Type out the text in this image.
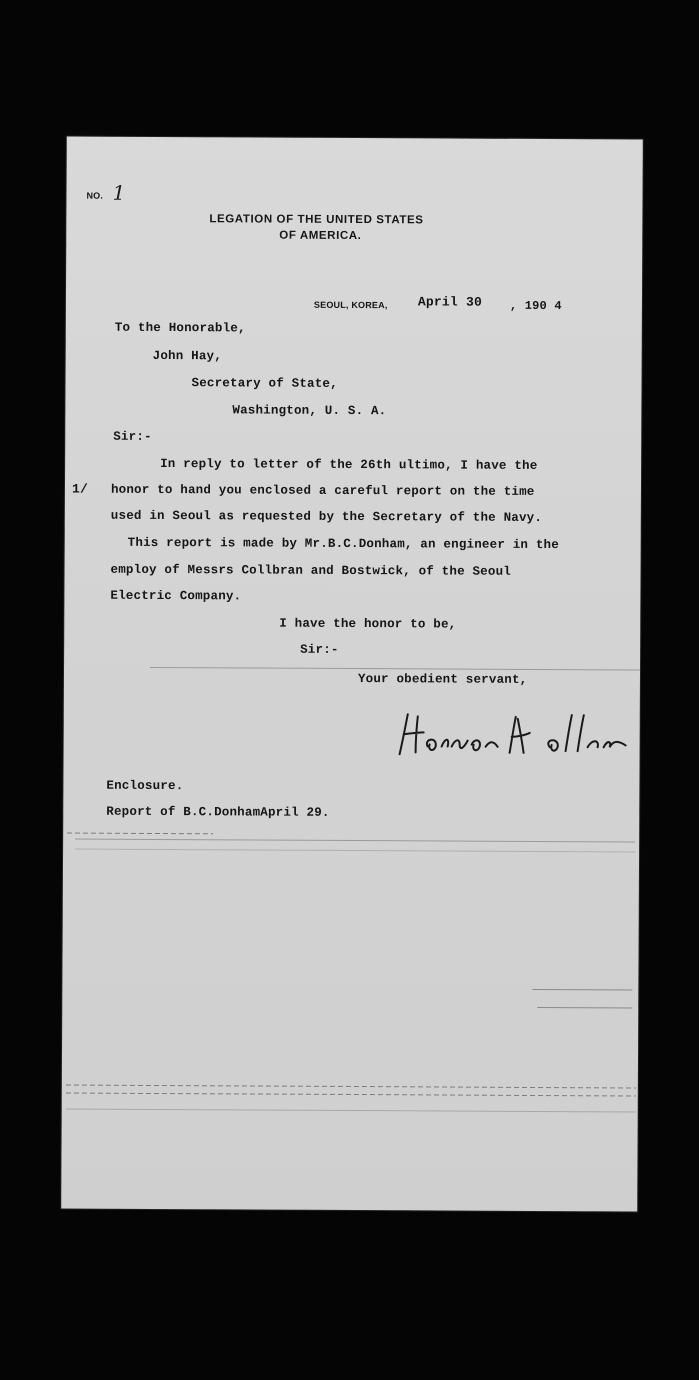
NO. 1
LEGATION OF THE UNITED STATES
OF AMERICA.
SEOUL, KOREA, April 30 , 190 4
To the Honorable,
John Hay,
Secretary of State,
Washington, U. S. A.
Sir:-
1/
In reply to letter of the 26th ultimo, I have the
honor to hand you enclosed a careful report on the time
used in Seoul as requested by the Secretary of the Navy.
This report is made by Mr.B.C.Donham, an engineer in the
employ of Messrs Collbran and Bostwick, of the Seoul
Electric Company.
I have the honor to be,
Sir:-
Your obedient servant,
Enclosure.
Report of B.C.DonhamApril 29.
